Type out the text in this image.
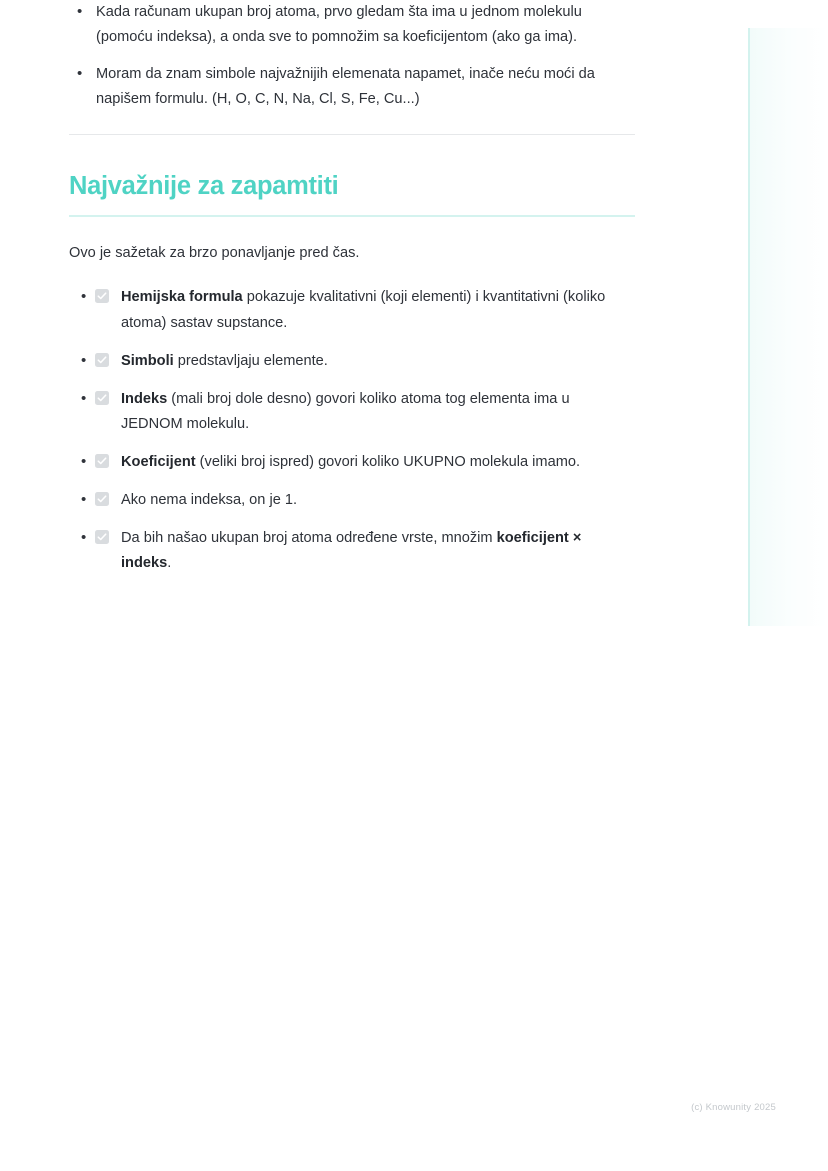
• Kada računam ukupan broj atoma, prvo gledam šta ima u jednom molekulu (pomoću indeksa), a onda sve to pomnožim sa koeficijentom (ako ga ima).
• Moram da znam simbole najvažnijih elemenata napamet, inače neću moći da napišem formulu. (H, O, C, N, Na, Cl, S, Fe, Cu...)
Najvažnije za zapamtiti

Ovo je sažetak za brzo ponavljanje pred čas.

• Hemijska formula pokazuje kvalitativni (koji elementi) i kvantitativni (koliko atoma) sastav supstance.
• Simboli predstavljaju elemente.
• Indeks (mali broj dole desno) govori koliko atoma tog elementa ima u JEDNOM molekulu.
• Koeficijent (veliki broj ispred) govori koliko UKUPNO molekula imamo.
• Ako nema indeksa, on je 1.
• Da bih našao ukupan broj atoma određene vrste, množim koeficijent × indeks.
(c) Knowunity 2025
